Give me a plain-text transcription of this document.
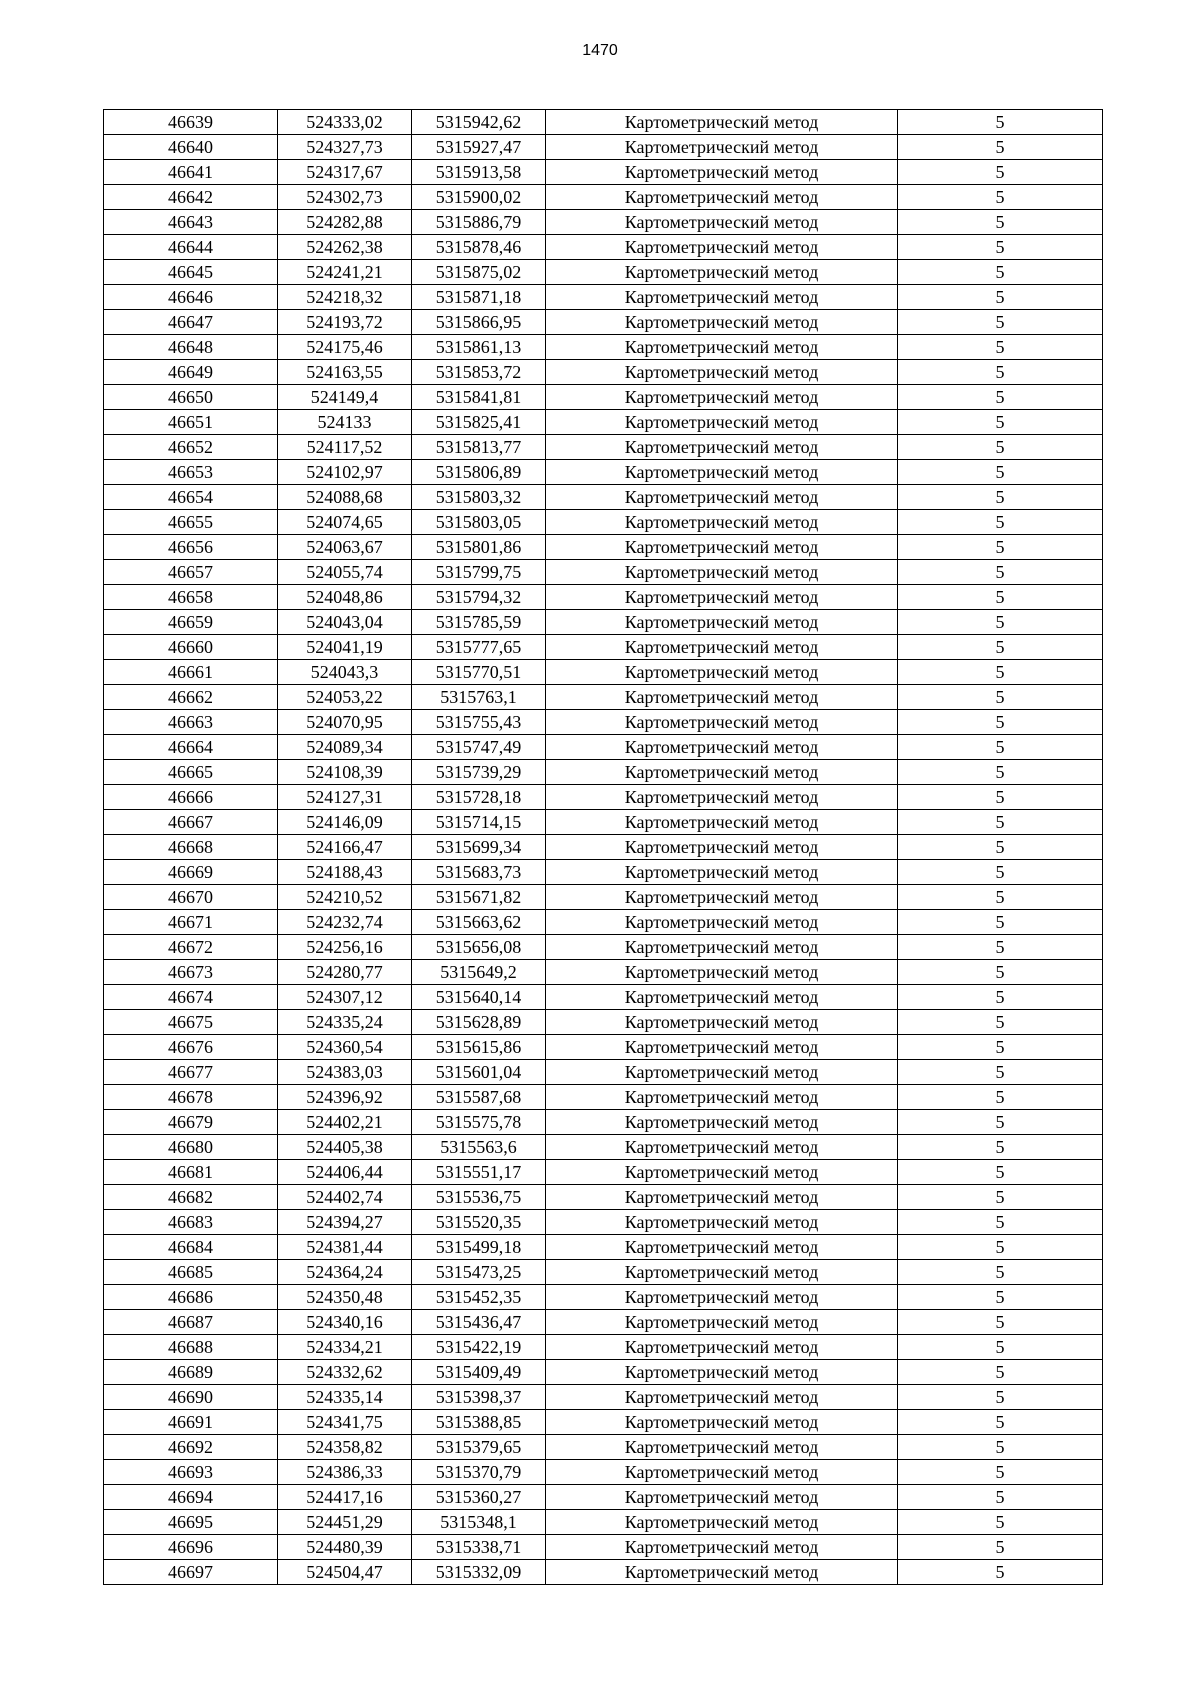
1470
46639	524333,02	5315942,62	Картометрический метод	5
46640	524327,73	5315927,47	Картометрический метод	5
46641	524317,67	5315913,58	Картометрический метод	5
46642	524302,73	5315900,02	Картометрический метод	5
46643	524282,88	5315886,79	Картометрический метод	5
46644	524262,38	5315878,46	Картометрический метод	5
46645	524241,21	5315875,02	Картометрический метод	5
46646	524218,32	5315871,18	Картометрический метод	5
46647	524193,72	5315866,95	Картометрический метод	5
46648	524175,46	5315861,13	Картометрический метод	5
46649	524163,55	5315853,72	Картометрический метод	5
46650	524149,4	5315841,81	Картометрический метод	5
46651	524133	5315825,41	Картометрический метод	5
46652	524117,52	5315813,77	Картометрический метод	5
46653	524102,97	5315806,89	Картометрический метод	5
46654	524088,68	5315803,32	Картометрический метод	5
46655	524074,65	5315803,05	Картометрический метод	5
46656	524063,67	5315801,86	Картометрический метод	5
46657	524055,74	5315799,75	Картометрический метод	5
46658	524048,86	5315794,32	Картометрический метод	5
46659	524043,04	5315785,59	Картометрический метод	5
46660	524041,19	5315777,65	Картометрический метод	5
46661	524043,3	5315770,51	Картометрический метод	5
46662	524053,22	5315763,1	Картометрический метод	5
46663	524070,95	5315755,43	Картометрический метод	5
46664	524089,34	5315747,49	Картометрический метод	5
46665	524108,39	5315739,29	Картометрический метод	5
46666	524127,31	5315728,18	Картометрический метод	5
46667	524146,09	5315714,15	Картометрический метод	5
46668	524166,47	5315699,34	Картометрический метод	5
46669	524188,43	5315683,73	Картометрический метод	5
46670	524210,52	5315671,82	Картометрический метод	5
46671	524232,74	5315663,62	Картометрический метод	5
46672	524256,16	5315656,08	Картометрический метод	5
46673	524280,77	5315649,2	Картометрический метод	5
46674	524307,12	5315640,14	Картометрический метод	5
46675	524335,24	5315628,89	Картометрический метод	5
46676	524360,54	5315615,86	Картометрический метод	5
46677	524383,03	5315601,04	Картометрический метод	5
46678	524396,92	5315587,68	Картометрический метод	5
46679	524402,21	5315575,78	Картометрический метод	5
46680	524405,38	5315563,6	Картометрический метод	5
46681	524406,44	5315551,17	Картометрический метод	5
46682	524402,74	5315536,75	Картометрический метод	5
46683	524394,27	5315520,35	Картометрический метод	5
46684	524381,44	5315499,18	Картометрический метод	5
46685	524364,24	5315473,25	Картометрический метод	5
46686	524350,48	5315452,35	Картометрический метод	5
46687	524340,16	5315436,47	Картометрический метод	5
46688	524334,21	5315422,19	Картометрический метод	5
46689	524332,62	5315409,49	Картометрический метод	5
46690	524335,14	5315398,37	Картометрический метод	5
46691	524341,75	5315388,85	Картометрический метод	5
46692	524358,82	5315379,65	Картометрический метод	5
46693	524386,33	5315370,79	Картометрический метод	5
46694	524417,16	5315360,27	Картометрический метод	5
46695	524451,29	5315348,1	Картометрический метод	5
46696	524480,39	5315338,71	Картометрический метод	5
46697	524504,47	5315332,09	Картометрический метод	5
